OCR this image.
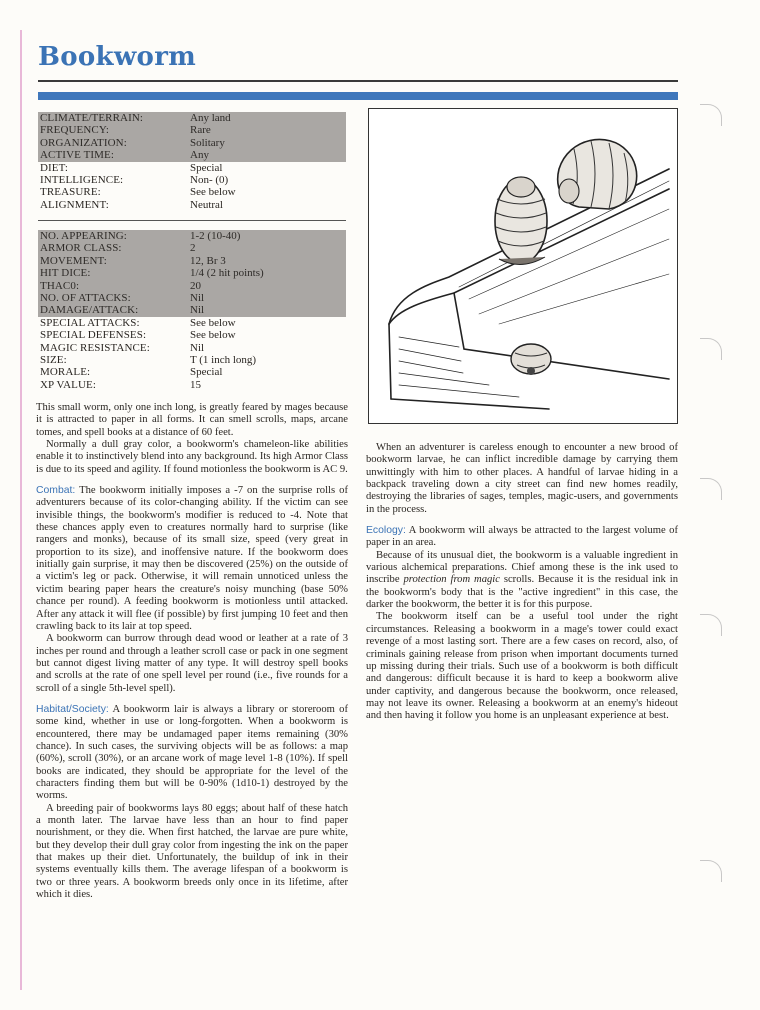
Bookworm
CLIMATE/TERRAIN:	Any land
FREQUENCY:	Rare
ORGANIZATION:	Solitary
ACTIVE TIME:	Any
DIET:	Special
INTELLIGENCE:	Non- (0)
TREASURE:	See below
ALIGNMENT:	Neutral
NO. APPEARING:	1-2 (10-40)
ARMOR CLASS:	2
MOVEMENT:	12, Br 3
HIT DICE:	1/4 (2 hit points)
THAC0:	20
NO. OF ATTACKS:	Nil
DAMAGE/ATTACK:	Nil
SPECIAL ATTACKS:	See below
SPECIAL DEFENSES:	See below
MAGIC RESISTANCE:	Nil
SIZE:	T (1 inch long)
MORALE:	Special
XP VALUE:	15

This small worm, only one inch long, is greatly feared by mages because it is attracted to paper in all forms. It can smell scrolls, maps, arcane tomes, and spell books at a distance of 60 feet.

Normally a dull gray color, a bookworm's chameleon-like abilities enable it to instinctively blend into any background. Its high Armor Class is due to its speed and agility. If found motionless the bookworm is AC 9.

Combat: The bookworm initially imposes a -7 on the surprise rolls of adventurers because of its color-changing ability. If the victim can see invisible things, the bookworm's modifier is reduced to -4. Note that these chances apply even to creatures normally hard to surprise (like rangers and monks), because of its small size, speed (very great in proportion to its size), and inoffensive nature. If the bookworm does initially gain surprise, it may then be discovered (25%) on the outside of a victim's leg or pack. Otherwise, it will remain unnoticed unless the victim bearing paper hears the creature's noisy munching (base 50% chance per round). A feeding bookworm is motionless until attacked. After any attack it will flee (if possible) by first jumping 10 feet and then crawling back to its lair at top speed.

A bookworm can burrow through dead wood or leather at a rate of 3 inches per round and through a leather scroll case or pack in one segment but cannot digest living matter of any type. It will destroy spell books and scrolls at the rate of one spell level per round (i.e., five rounds for a scroll of a single 5th-level spell).

Habitat/Society: A bookworm lair is always a library or storeroom of some kind, whether in use or long-forgotten. When a bookworm is encountered, there may be undamaged paper items remaining (30% chance). In such cases, the surviving objects will be as follows: a map (60%), scroll (30%), or an arcane work of mage level 1-8 (10%). If spell books are indicated, they should be appropriate for the level of the characters finding them but will be 0-90% (1d10-1) destroyed by the worms.

A breeding pair of bookworms lays 80 eggs; about half of these hatch a month later. The larvae have less than an hour to find paper nourishment, or they die. When first hatched, the larvae are pure white, but they develop their dull gray color from ingesting the ink on the paper that makes up their diet. Unfortunately, the buildup of ink in their systems eventually kills them. The average lifespan of a bookworm is two or three years. A bookworm breeds only once in its lifetime, after which it dies.

When an adventurer is careless enough to encounter a new brood of bookworm larvae, he can inflict incredible damage by carrying them unwittingly with him to other places. A handful of larvae hiding in a backpack traveling down a city street can find new homes readily, destroying the libraries of sages, temples, magic-users, and governments in the process.

Ecology: A bookworm will always be attracted to the largest volume of paper in an area.

Because of its unusual diet, the bookworm is a valuable ingredient in various alchemical preparations. Chief among these is the ink used to inscribe protection from magic scrolls. Because it is the residual ink in the bookworm's body that is the "active ingredient" in this case, the darker the bookworm, the better it is for this purpose.

The bookworm itself can be a useful tool under the right circumstances. Releasing a bookworm in a mage's tower could exact revenge of a most lasting sort. There are a few cases on record, also, of criminals gaining release from prison when important documents turned up missing during their trials. Such use of a bookworm is both difficult and dangerous: difficult because it is hard to keep a bookworm alive under captivity, and dangerous because the bookworm, once released, may not leave its owner. Releasing a bookworm at an enemy's hideout and then having it follow you home is an unpleasant experience at best.
